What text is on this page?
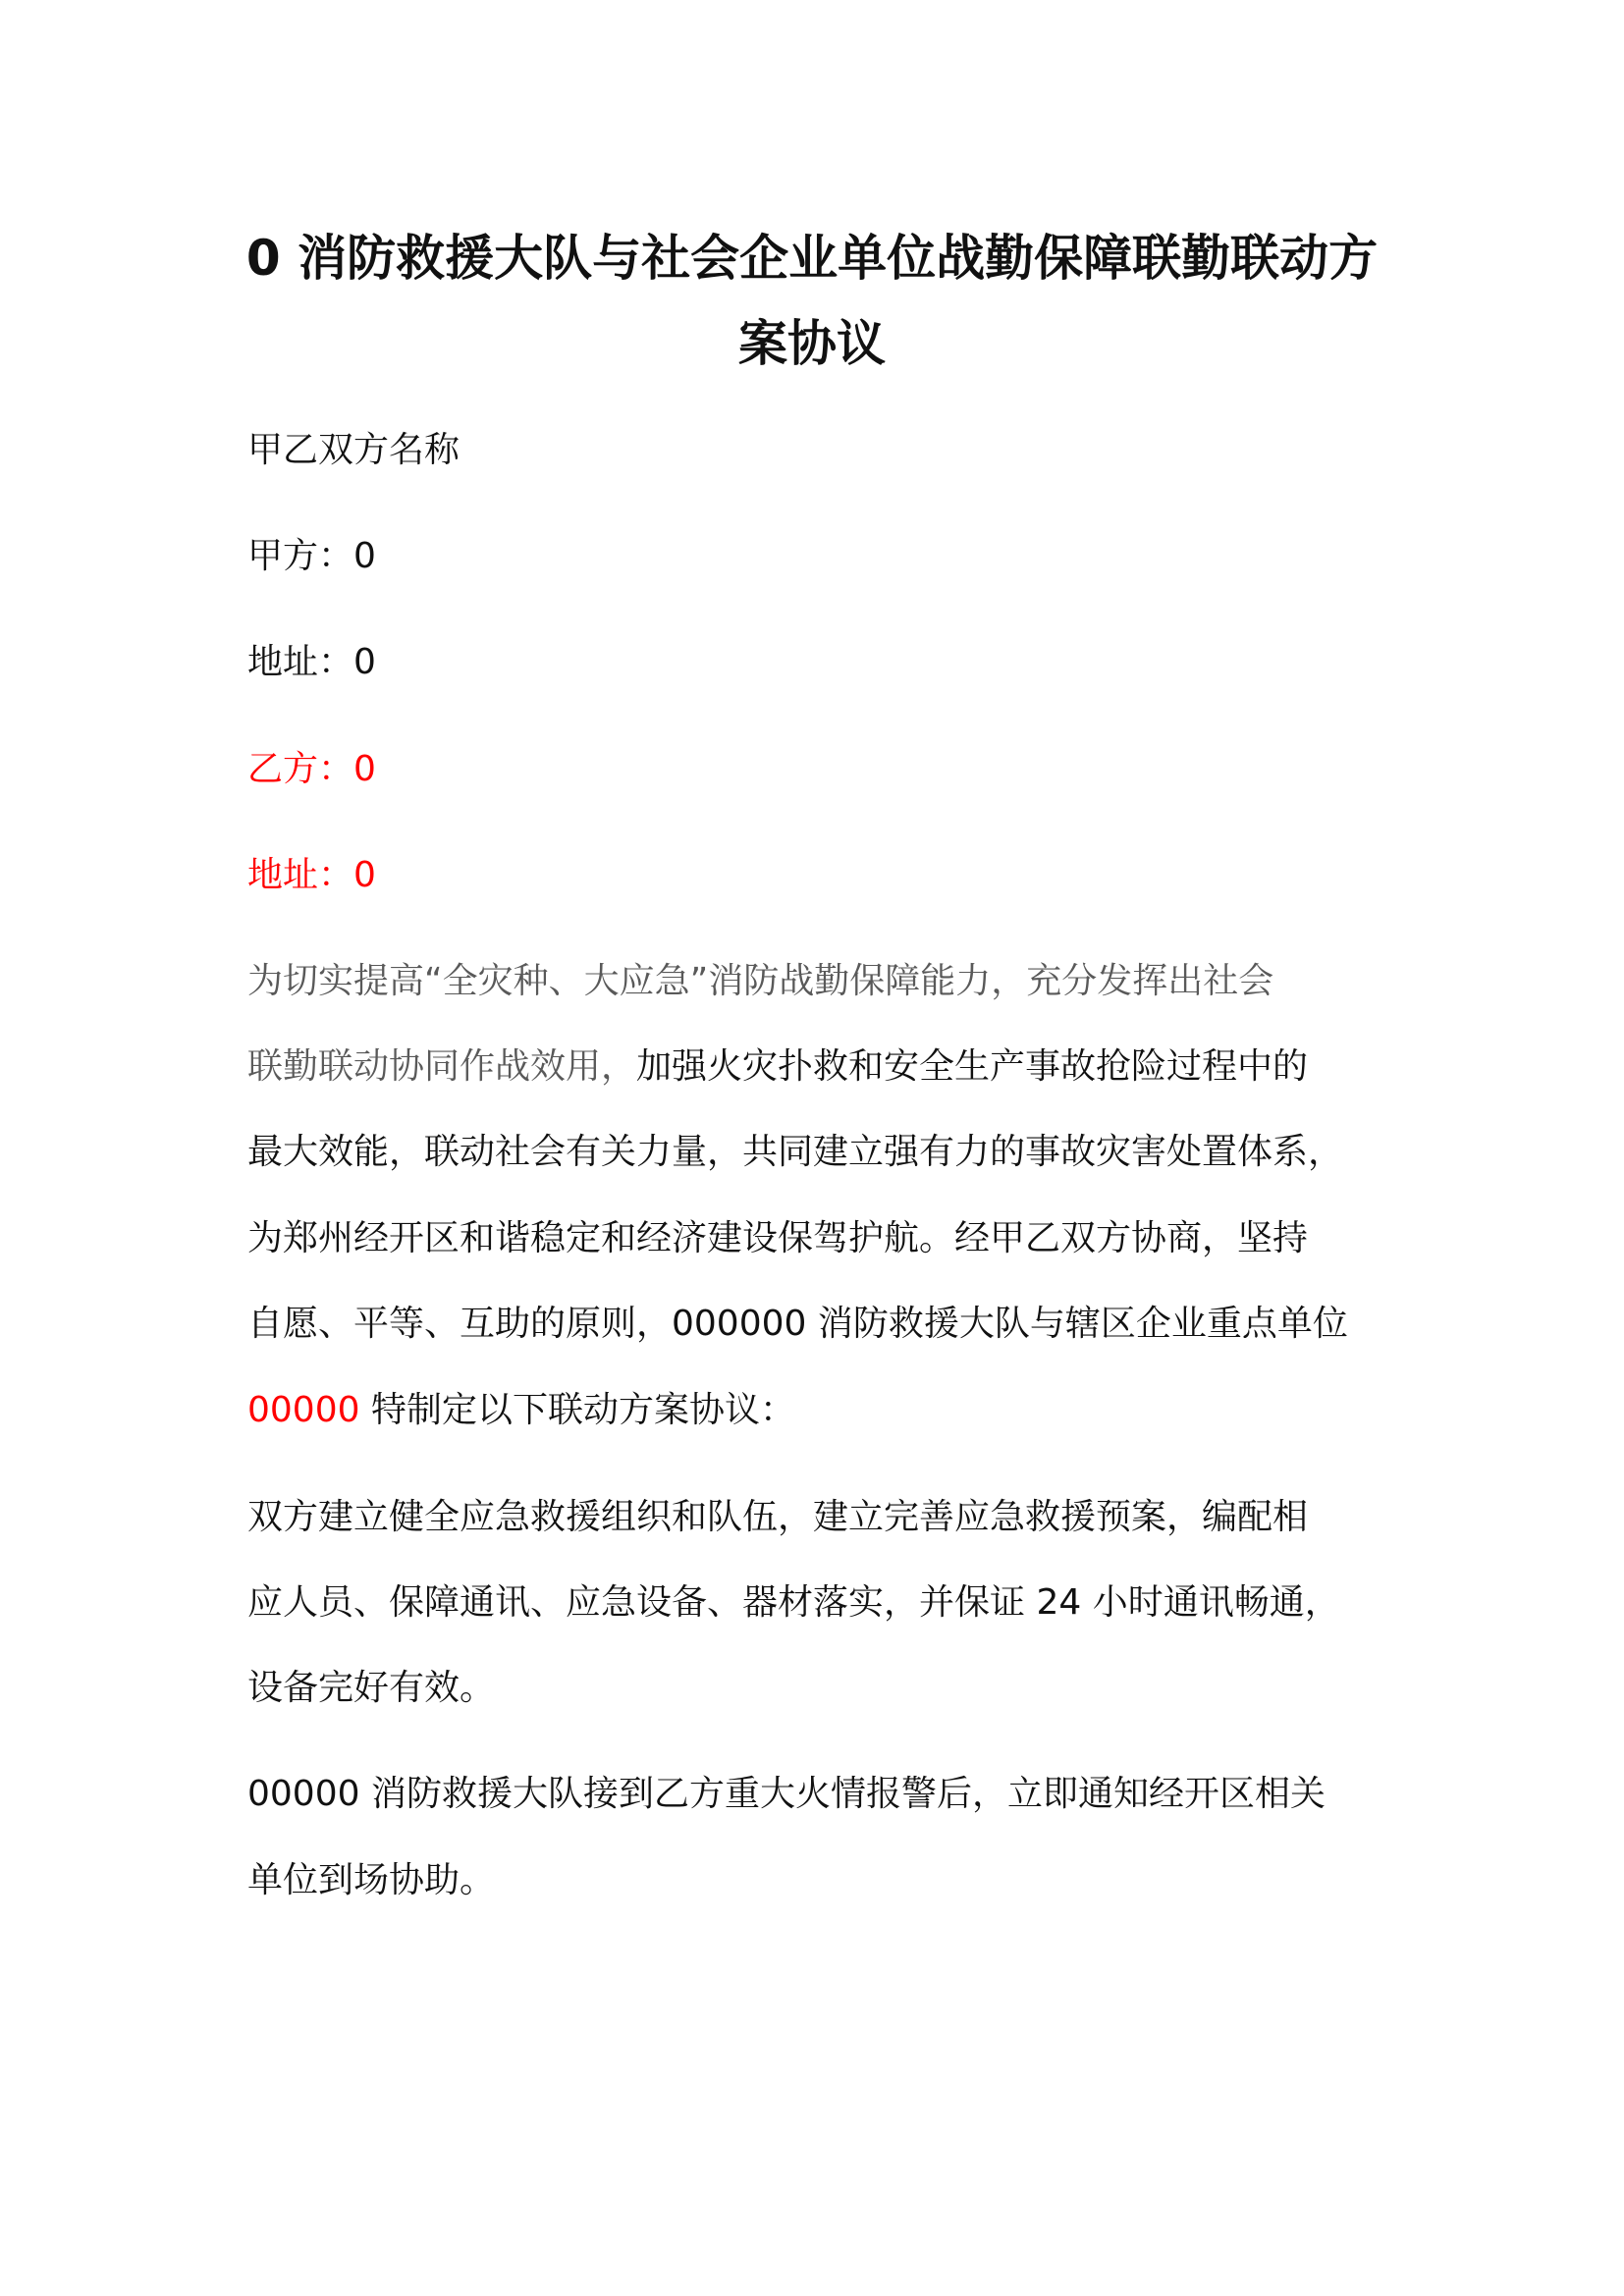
0 消防救援大队与社会企业单位战勤保障联勤联动方
案协议
甲乙双方名称
甲方：0
地址：0
乙方：0
地址：0
为切实提高“全灾种、大应急”消防战勤保障能力，充分发挥出社会
联勤联动协同作战效用，加强火灾扑救和安全生产事故抢险过程中的
最大效能，联动社会有关力量，共同建立强有力的事故灾害处置体系，
为郑州经开区和谐稳定和经济建设保驾护航。经甲乙双方协商，坚持
自愿、平等、互助的原则，000000 消防救援大队与辖区企业重点单位
00000 特制定以下联动方案协议：
双方建立健全应急救援组织和队伍，建立完善应急救援预案，编配相
应人员、保障通讯、应急设备、器材落实，并保证 24 小时通讯畅通，
设备完好有效。
00000 消防救援大队接到乙方重大火情报警后，立即通知经开区相关
单位到场协助。
